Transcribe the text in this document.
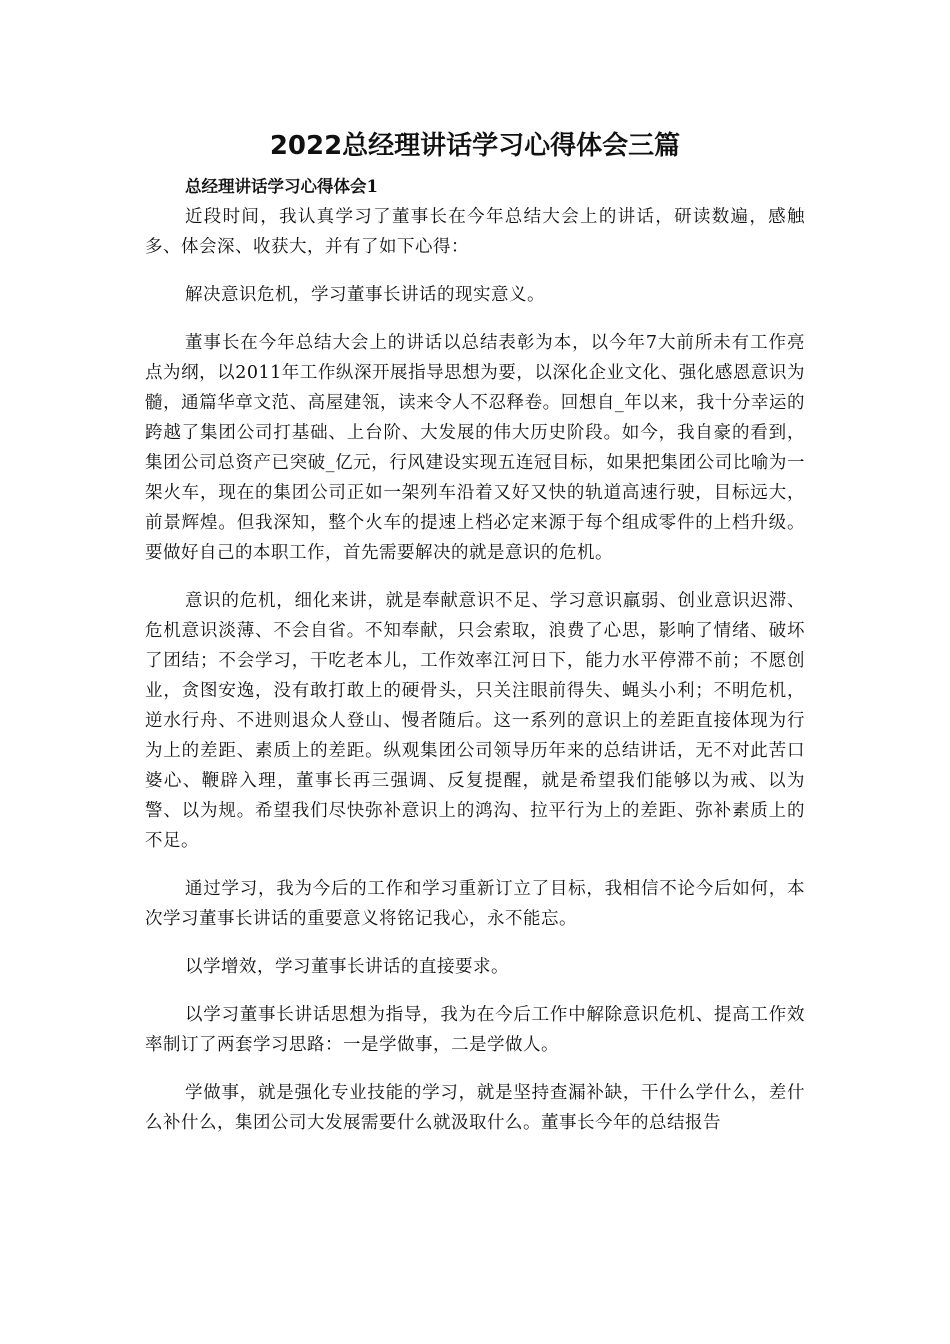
2022总经理讲话学习心得体会三篇
总经理讲话学习心得体会1

近段时间，我认真学习了董事长在今年总结大会上的讲话，研读数遍，感触多、体会深、收获大，并有了如下心得：

解决意识危机，学习董事长讲话的现实意义。

董事长在今年总结大会上的讲话以总结表彰为本，以今年7大前所未有工作亮点为纲，以2011年工作纵深开展指导思想为要，以深化企业文化、强化感恩意识为髓，通篇华章文范、高屋建瓴，读来令人不忍释卷。回想自_年以来，我十分幸运的跨越了集团公司打基础、上台阶、大发展的伟大历史阶段。如今，我自豪的看到，集团公司总资产已突破_亿元，行风建设实现五连冠目标，如果把集团公司比喻为一架火车，现在的集团公司正如一架列车沿着又好又快的轨道高速行驶，目标远大，前景辉煌。但我深知，整个火车的提速上档必定来源于每个组成零件的上档升级。要做好自己的本职工作，首先需要解决的就是意识的危机。

意识的危机，细化来讲，就是奉献意识不足、学习意识羸弱、创业意识迟滞、危机意识淡薄、不会自省。不知奉献，只会索取，浪费了心思，影响了情绪、破坏了团结；不会学习，干吃老本儿，工作效率江河日下，能力水平停滞不前；不愿创业，贪图安逸，没有敢打敢上的硬骨头，只关注眼前得失、蝇头小利；不明危机，逆水行舟、不进则退众人登山、慢者随后。这一系列的意识上的差距直接体现为行为上的差距、素质上的差距。纵观集团公司领导历年来的总结讲话，无不对此苦口婆心、鞭辟入理，董事长再三强调、反复提醒，就是希望我们能够以为戒、以为警、以为规。希望我们尽快弥补意识上的鸿沟、拉平行为上的差距、弥补素质上的不足。

通过学习，我为今后的工作和学习重新订立了目标，我相信不论今后如何，本次学习董事长讲话的重要意义将铭记我心，永不能忘。

以学增效，学习董事长讲话的直接要求。

以学习董事长讲话思想为指导，我为在今后工作中解除意识危机、提高工作效率制订了两套学习思路：一是学做事，二是学做人。

学做事，就是强化专业技能的学习，就是坚持查漏补缺，干什么学什么，差什么补什么，集团公司大发展需要什么就汲取什么。董事长今年的总结报告
